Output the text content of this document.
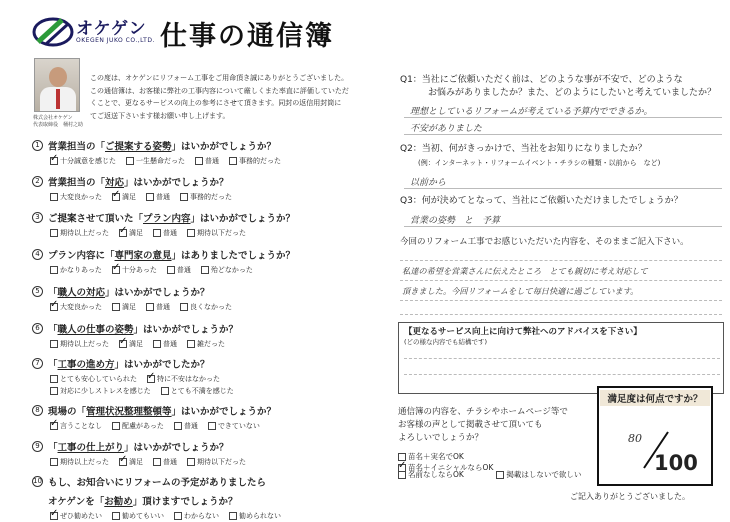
オケゲン
OKEGEN JUKO CO.,LTD. 仕事の通信簿
株式会社オケゲン
代表取締役　桶村之助
この度は、オケゲンにリフォーム工事をご用命頂き誠にありがとうございました。
この通信簿は、お客様に弊社の工事内容について厳しくまた率直に評価していただ
くことで、更なるサービスの向上の参考にさせて頂きます。同封の返信用封筒に
てご返送下さいます様お願い申し上げます。
1 営業担当の「ご提案する姿勢」はいかがでしょうか？
✓十分誠意を感じた	一生懸命だった	普通	事務的だった
2 営業担当の「対応」はいかがでしょうか？
大変良かった ✓	満足	普通	事務的だった
3 ご提案させて頂いた「プラン内容」はいかがでしょうか？
期待以上だった ✓	満足	普通	期待以下だった
4 プラン内容に「専門家の意見」はありましたでしょうか？
かなりあった ✓	十分あった	普通	殆どなかった
5 「職人の対応」はいかがでしょうか？
✓大変良かった	満足	普通	良くなかった
6 「職人の仕事の姿勢」はいかがでしょうか？
期待以上だった ✓	満足	普通	雑だった
7 「工事の進め方」はいかがでしたか？
とても安心していられた ✓	特に不安はなかった
対応に少しストレスを感じた	とても不満を感じた
8 現場の「管理状況整理整頓等」はいかがでしょうか？
✓言うことなし	配慮があった	普通	できていない
9 「工事の仕上がり」はいかがでしょうか？
期待以上だった ✓	満足	普通	期待以下だった
10 もし、お知合いにリフォームの予定がありましたら
オケゲンを「お勧め」頂けますでしょうか？
✓ぜひ勧めたい	勧めてもいい	わからない	勧められない
Q1：当社にご依頼いただく前は、どのような事が不安で、どのような
お悩みがありましたか？また、どのようにしたいと考えていましたか？
理想としているリフォームが考えている予算内でできるか。
不安がありました
Q2：当初、何がきっかけで、当社をお知りになりましたか？
(例：インターネット・リフォームイベント・チラシの種類・以前から　など)
以前から
Q3：何が決めてとなって、当社にご依頼いただけましたでしょうか？
営業の姿勢　と　予算
今回のリフォーム工事でお感じいただいた内容を、そのままご記入下さい。
私達の希望を営業さんに伝えたところ　とても親切に考え対応して
頂きました。今回リフォームをして毎日快適に過ごしています。
【更なるサービス向上に向けて弊社へのアドバイスを下さい】
(どの様な内容でも結構です)
通信簿の内容を、チラシやホームページ等で
お客様の声として掲載させて頂いても
よろしいでしょうか？
苗名＋実名でOK ✓苗名＋イニシャルならOK
名前なしならOK	掲載はしないで欲しい
満足度は何点ですか？
80
100
ご記入ありがとうございました。
